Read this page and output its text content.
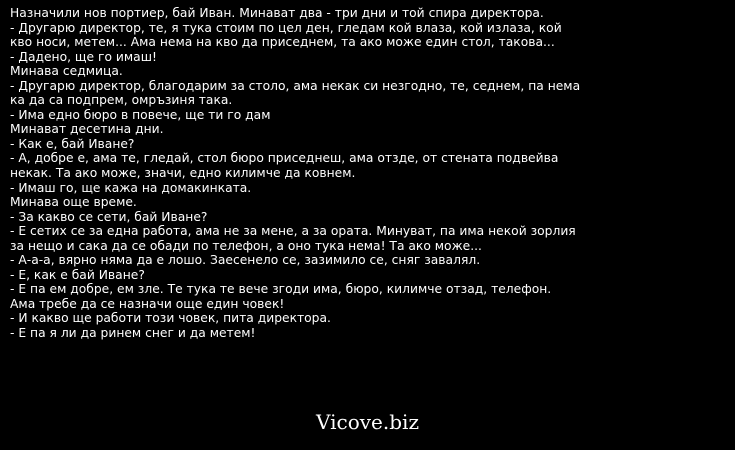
Назначили нов портиер, бай Иван. Минават два - три дни и той спира директора.
- Другарю директор, те, я тука стоим по цел ден, гледам кой влаза, кой излаза, кой
кво носи, метем... Ама нема на кво да приседнем, та ако може един стол, такова...
- Дадено, ще го имаш!
Минава седмица.
- Другарю директор, благодарим за столо, ама некак си незгодно, те, седнем, па нема
ка да са подпрем, омръзиня така.
- Има едно бюро в повече, ще ти го дам
Минават десетина дни.
- Как е, бай Иване?
- А, добре е, ама те, гледай, стол бюро приседнеш, ама отзде, от стената подвейва
некак. Та ако може, значи, едно килимче да ковнем.
- Имаш го, ще кажа на домакинката.
Минава още време.
- За какво се сети, бай Иване?
- Е сетих се за една работа, ама не за мене, а за ората. Минуват, па има некой зорлия
за нещо и сака да се обади по телефон, а оно тука нема! Та ако може...
- А-а-а, вярно няма да е лошо. Заесенело се, зазимило се, сняг завалял.
- Е, как е бай Иване?
- Е па ем добре, ем зле. Те тука те вече згоди има, бюро, килимче отзад, телефон.
Ама требе да се назначи още един човек!
- И какво ще работи този човек, пита директора.
- Е па я ли да ринем снег и да метем!
Vicove.biz
